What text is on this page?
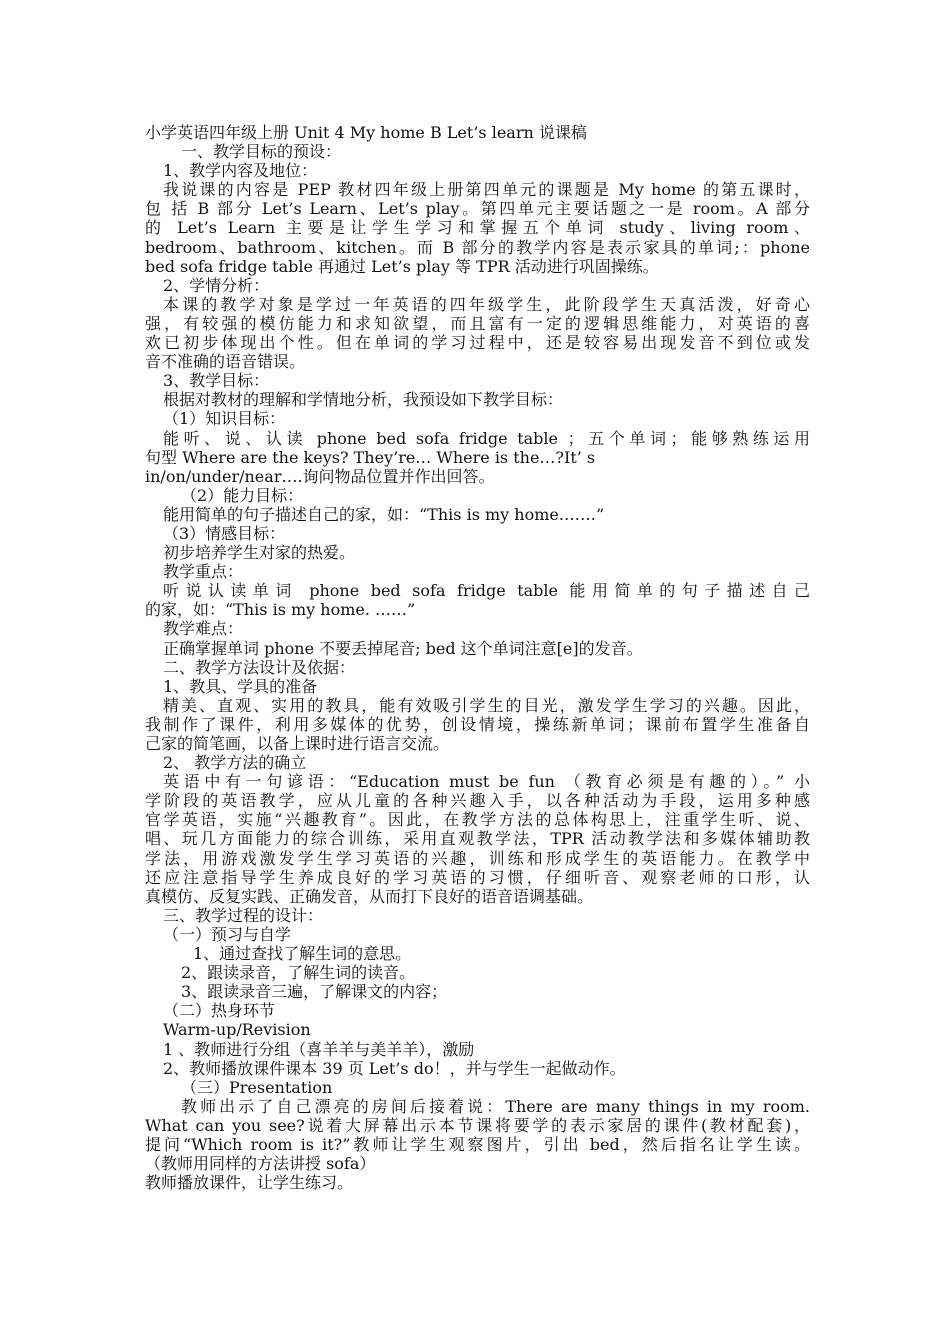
小学英语四年级上册 Unit 4 My home B Let’s learn 说课稿
一、教学目标的预设：
1、教学内容及地位：
我说课的内容是 PEP 教材四年级上册第四单元的课题是 My home 的第五课时，
包 括 B 部分 Let’s Learn、Let’s play。第四单元主要话题之一是 room。A 部分
的 Let’s Learn 主要是让学生学习和掌握五个单词 study、living room、
bedroom、bathroom、kitchen。而 B 部分的教学内容是表示家具的单词;：phone
bed sofa fridge table 再通过 Let’s play 等 TPR 活动进行巩固操练。
2、学情分析：
本课的教学对象是学过一年英语的四年级学生，此阶段学生天真活泼，好奇心
强，有较强的模仿能力和求知欲望，而且富有一定的逻辑思维能力，对英语的喜
欢已初步体现出个性。但在单词的学习过程中，还是较容易出现发音不到位或发
音不准确的语音错误。
3、教学目标：
根据对教材的理解和学情地分析，我预设如下教学目标：
（1）知识目标：
能听、说、认读 phone bed sofa fridge table ；五个单词；能够熟练运用
句型 Where are the keys? They’re… Where is the…?It’ s
in/on/under/near….询问物品位置并作出回答。
（2）能力目标：
能用简单的句子描述自己的家，如：“This is my home.……”
（3）情感目标：
初步培养学生对家的热爱。
教学重点：
听说认读单词 phone bed sofa fridge table 能用简单的句子描述自己
的家，如：“This is my home. ……”
教学难点：
正确掌握单词 phone 不要丢掉尾音; bed 这个单词注意[e]的发音。
二、教学方法设计及依据：
1、教具、学具的准备
精美、直观、实用的教具，能有效吸引学生的目光，激发学生学习的兴趣。因此，
我制作了课件，利用多媒体的优势，创设情境，操练新单词；课前布置学生准备自
己家的简笔画，以备上课时进行语言交流。
2、 教学方法的确立
英语中有一句谚语：“Education must be fun （教育必须是有趣的）。” 小
学阶段的英语教学，应从儿童的各种兴趣入手，以各种活动为手段，运用多种感
官学英语，实施“兴趣教育”。因此，在教学方法的总体构思上，注重学生听、说、
唱、玩几方面能力的综合训练，采用直观教学法，TPR 活动教学法和多媒体辅助教
学法，用游戏激发学生学习英语的兴趣，训练和形成学生的英语能力。在教学中
还应注意指导学生养成良好的学习英语的习惯，仔细听音、观察老师的口形，认
真模仿、反复实践、正确发音，从而打下良好的语音语调基础。
三、教学过程的设计：
（一）预习与自学
1、通过查找了解生词的意思。
2、跟读录音，了解生词的读音。
3、跟读录音三遍，了解课文的内容；
（二）热身环节
Warm-up/Revision
1 、教师进行分组（喜羊羊与美羊羊），激励
2、教师播放课件课本 39 页 Let’s do！，并与学生一起做动作。
（三）Presentation
教师出示了自己漂亮的房间后接着说：There are many things in my room.
What can you see?说着大屏幕出示本节课将要学的表示家居的课件(教材配套)，
提问“Which room is it?”教师让学生观察图片，引出 bed，然后指名让学生读。
（教师用同样的方法讲授 sofa）
教师播放课件，让学生练习。
